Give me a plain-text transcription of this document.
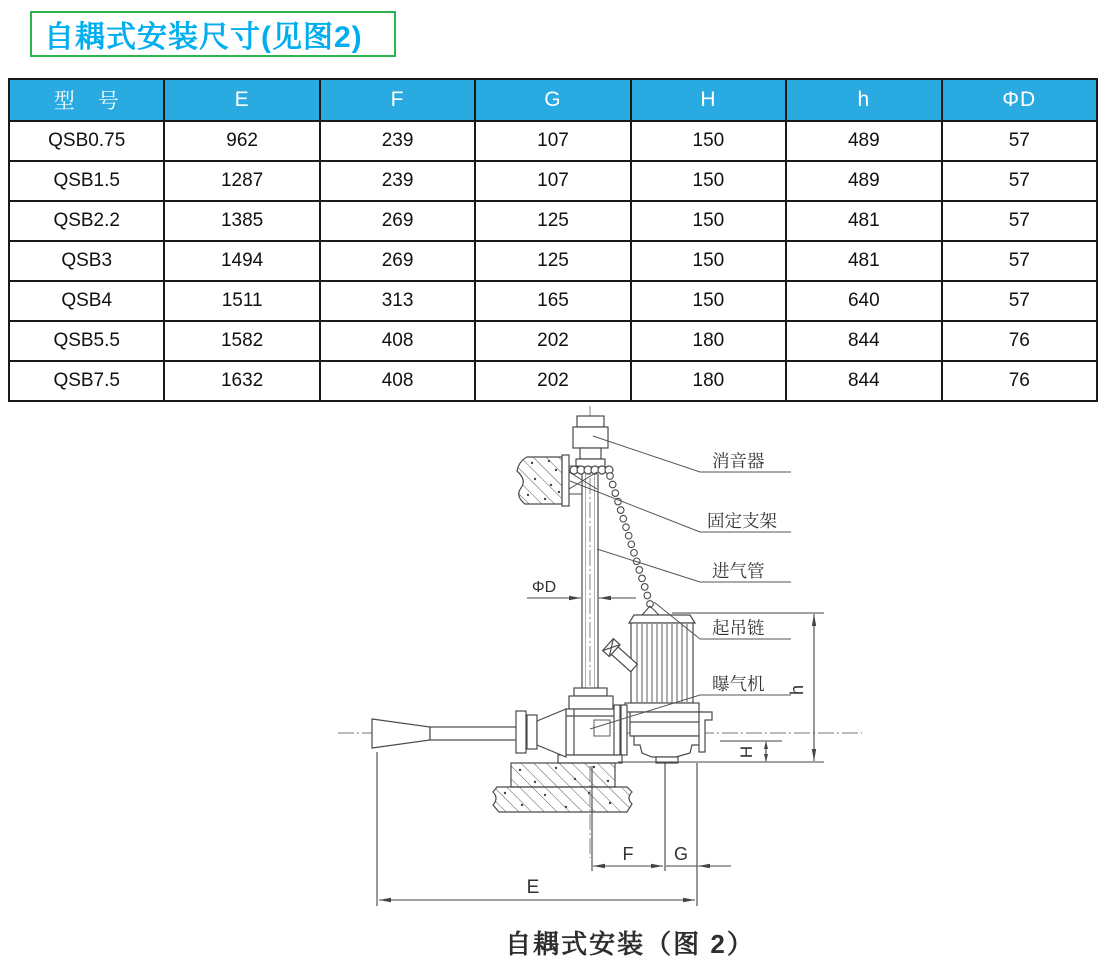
自耦式安装尺寸(见图2)
型　号	E	F	G	H	h	ΦD
QSB0.75	962	239	107	150	489	57
QSB1.5	1287	239	107	150	489	57
QSB2.2	1385	269	125	150	481	57
QSB3	1494	269	125	150	481	57
QSB4	1511	313	165	150	640	57
QSB5.5	1582	408	202	180	844	76
QSB7.5	1632	408	202	180	844	76
ΦD
h
H
F G
E
消音器
固定支架
进气管
起吊链
曝气机
自耦式安装（图 2）
